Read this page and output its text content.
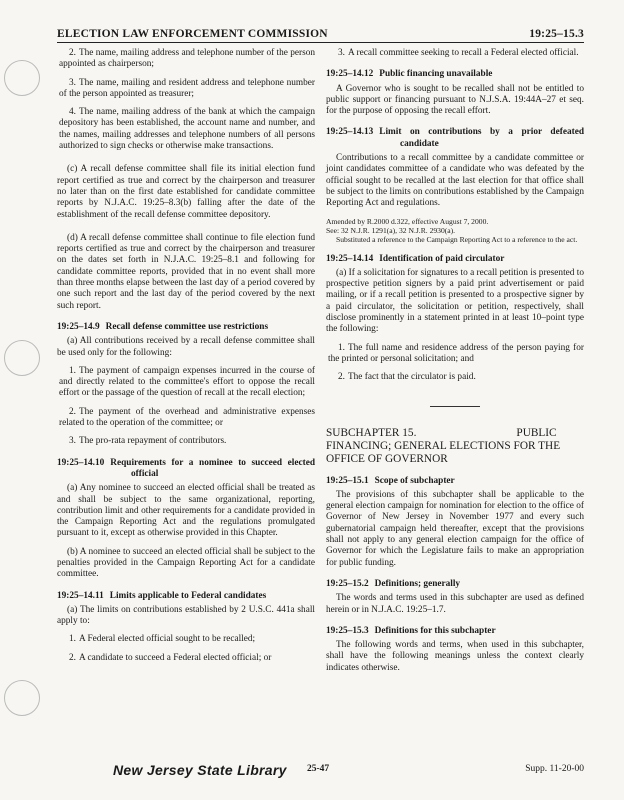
ELECTION LAW ENFORCEMENT COMMISSION	19:25–15.3
2. The name, mailing address and telephone number of the person appointed as chairperson;
3. The name, mailing and resident address and telephone number of the person appointed as treasurer;
4. The name, mailing address of the bank at which the campaign depository has been established, the account name and number, and the names, mailing addresses and telephone numbers of all persons authorized to sign checks or otherwise make transactions.

(c) A recall defense committee shall file its initial election fund report certified as true and correct by the chairperson and treasurer no later than on the first date established for candidate committee reports by N.J.A.C. 19:25–8.3(b) falling after the date of the establishment of the recall defense committee depository.

(d) A recall defense committee shall continue to file election fund reports certified as true and correct by the chairperson and treasurer on the dates set forth in N.J.A.C. 19:25–8.1 and following for candidate committee reports, provided that in no event shall more than three months elapse between the last day of a period covered by one such report and the last day of the period covered by the next such report.

19:25–14.9 Recall defense committee use restrictions

(a) All contributions received by a recall defense committee shall be used only for the following:

1. The payment of campaign expenses incurred in the course of and directly related to the committee's effort to oppose the recall effort or the passage of the question of recall at the recall election;
2. The payment of the overhead and administrative expenses related to the operation of the committee; or
3. The pro-rata repayment of contributors.
19:25–14.10 Requirements for a nominee to succeed elected official

(a) Any nominee to succeed an elected official shall be treated as and shall be subject to the same organizational, reporting, contribution limit and other requirements for a candidate provided in the Campaign Reporting Act and the regulations promulgated pursuant to it, except as otherwise provided in this Chapter.

(b) A nominee to succeed an elected official shall be subject to the penalties provided in the Campaign Reporting Act for a candidate committee.

19:25–14.11 Limits applicable to Federal candidates

(a) The limits on contributions established by 2 U.S.C. 441a shall apply to:

1. A Federal elected official sought to be recalled;
2. A candidate to succeed a Federal elected official; or
3. A recall committee seeking to recall a Federal elected official.
19:25–14.12 Public financing unavailable

A Governor who is sought to be recalled shall not be entitled to public support or financing pursuant to N.J.S.A. 19:44A–27 et seq. for the purpose of opposing the recall effort.

19:25–14.13 Limit on contributions by a prior defeated candidate

Contributions to a recall committee by a candidate committee or joint candidates committee of a candidate who was defeated by the official sought to be recalled at the last election for that office shall be subject to the limits on contributions established by the Campaign Reporting Act and regulations.

Amended by R.2000 d.322, effective August 7, 2000.
See: 32 N.J.R. 1291(a), 32 N.J.R. 2930(a).
Substituted a reference to the Campaign Reporting Act to a reference to the act.
19:25–14.14 Identification of paid circulator

(a) If a solicitation for signatures to a recall petition is presented to prospective petition signers by a paid print advertisement or paid mailing, or if a recall petition is presented to a prospective signer by a paid circulator, the solicitation or petition, respectively, shall disclose prominently in a statement printed in at least 10–point type the following:

1. The full name and residence address of the person paying for the printed or personal solicitation; and
2. The fact that the circulator is paid.
SUBCHAPTER 15.	PUBLIC FINANCING; GENERAL ELECTIONS FOR THE OFFICE OF GOVERNOR
19:25–15.1 Scope of subchapter

The provisions of this subchapter shall be applicable to the general election campaign for nomination for election to the office of Governor of New Jersey in November 1977 and every such gubernatorial campaign held thereafter, except that the provisions shall not apply to any general election campaign for the office of Governor for which the Legislature fails to make an appropriation for public funding.

19:25–15.2 Definitions; generally

The words and terms used in this subchapter are used as defined herein or in N.J.A.C. 19:25–1.7.

19:25–15.3 Definitions for this subchapter

The following words and terms, when used in this subchapter, shall have the following meanings unless the context clearly indicates otherwise.

New Jersey State Library 25-47	Supp. 11-20-00
